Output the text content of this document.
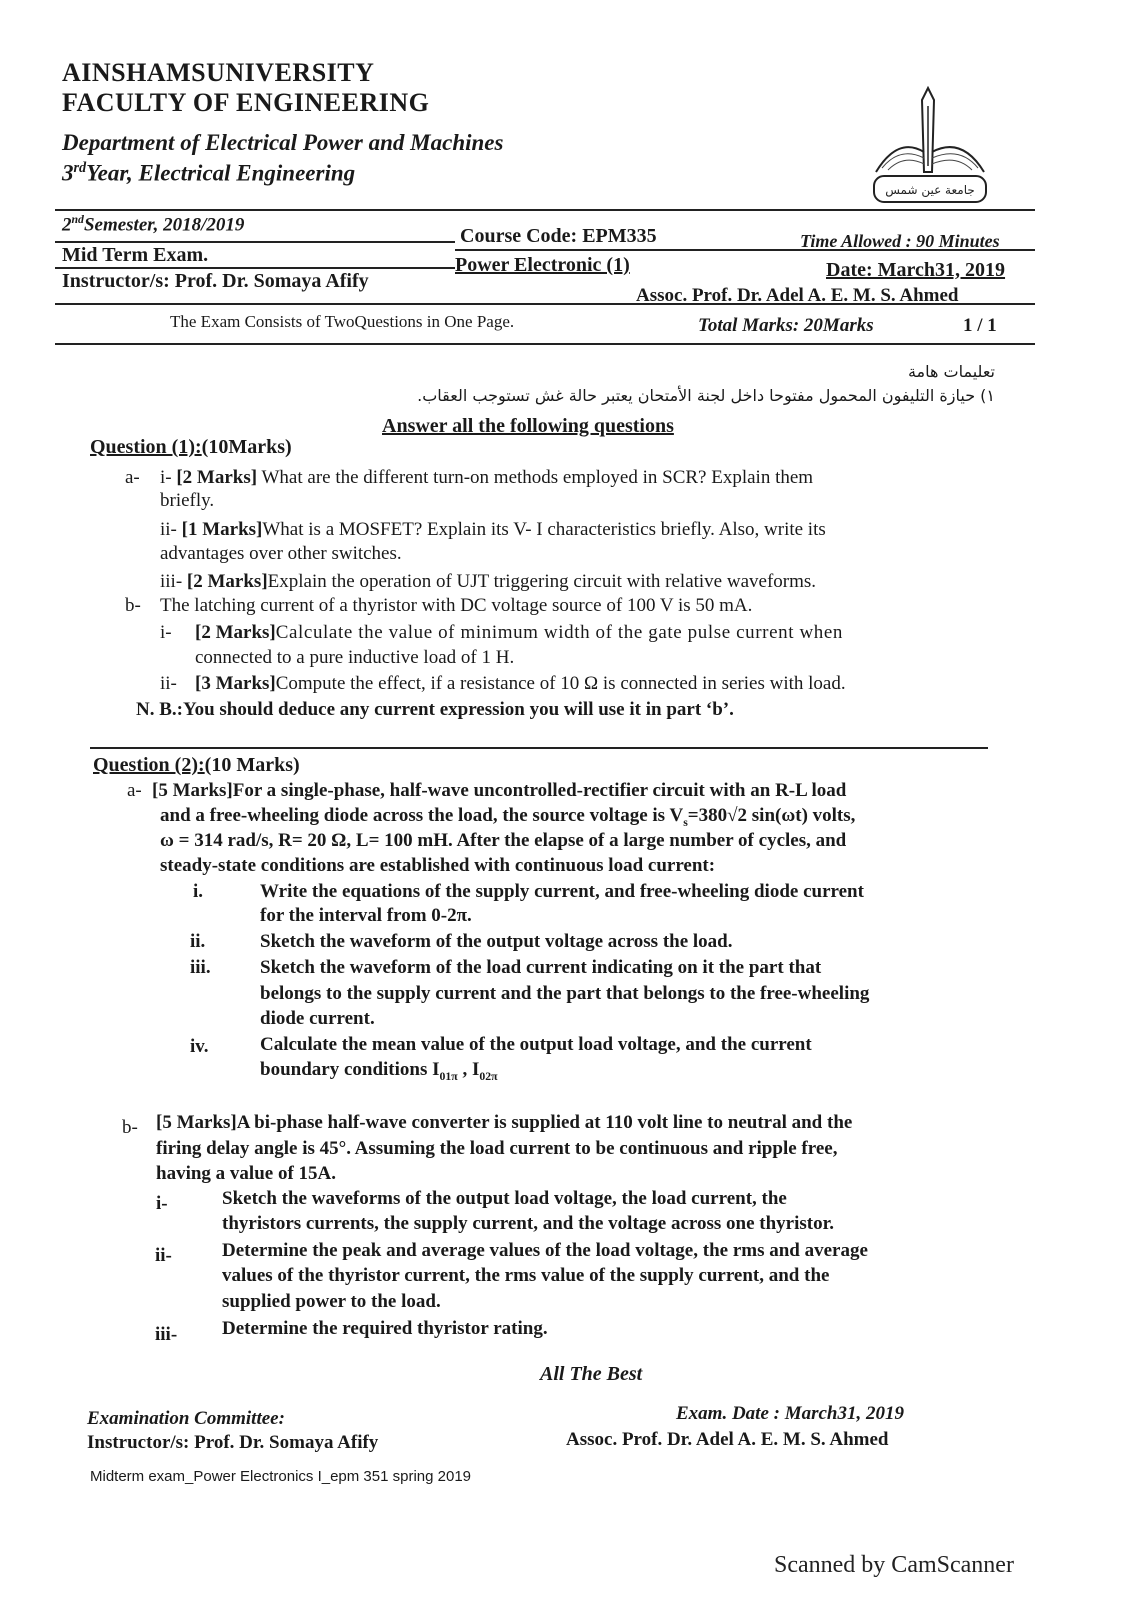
AINSHAMSUNIVERSITY
FACULTY OF ENGINEERING
Department of Electrical Power and Machines
3rdYear, Electrical Engineering
جامعة عين شمس
2ndSemester, 2018/2019
Course Code: EPM335	Time Allowed : 90 Minutes
Mid Term Exam.	Power Electronic (1)	Date: March31, 2019
Instructor/s: Prof. Dr. Somaya Afify
Assoc. Prof. Dr. Adel A. E. M. S. Ahmed
The Exam Consists of TwoQuestions in One Page.	Total Marks: 20Marks	1 / 1
تعليمات هامة
١) حيازة التليفون المحمول مفتوحا داخل لجنة الأمتحان يعتبر حالة غش تستوجب العقاب.
Answer all the following questions
Question (1):(10Marks)
a- i- [2 Marks] What are the different turn-on methods employed in SCR? Explain them
briefly.
ii- [1 Marks]What is a MOSFET? Explain its V- I characteristics briefly. Also, write its
advantages over other switches.
iii- [2 Marks]Explain the operation of UJT triggering circuit with relative waveforms.
b- The latching current of a thyristor with DC voltage source of 100 V is 50 mA.
i- [2 Marks]Calculate the value of minimum width of the gate pulse current when
connected to a pure inductive load of 1 H.
ii- [3 Marks]Compute the effect, if a resistance of 10 Ω is connected in series with load.
N. B.:You should deduce any current expression you will use it in part ‘b’.
Question (2):(10 Marks)
a- [5 Marks]For a single-phase, half-wave uncontrolled-rectifier circuit with an R-L load
and a free-wheeling diode across the load, the source voltage is $V_s=380√2$ sin(ωt) volts,
ω = 314 rad/s, R= 20 Ω, L= 100 mH. After the elapse of a large number of cycles, and
steady-state conditions are established with continuous load current:
i.	Write the equations of the supply current, and free-wheeling diode current
for the interval from 0-2π.
ii.	Sketch the waveform of the output voltage across the load.
iii.	Sketch the waveform of the load current indicating on it the part that
belongs to the supply current and the part that belongs to the free-wheeling
diode current.
iv.	Calculate the mean value of the output load voltage, and the current
boundary conditions $I_{01\pi}$ , $I_{02\pi}$
b- [5 Marks]A bi-phase half-wave converter is supplied at 110 volt line to neutral and the
firing delay angle is 45°. Assuming the load current to be continuous and ripple free,
having a value of 15A.
i-	Sketch the waveforms of the output load voltage, the load current, the
thyristors currents, the supply current, and the voltage across one thyristor.
ii-	Determine the peak and average values of the load voltage, the rms and average
values of the thyristor current, the rms value of the supply current, and the
supplied power to the load.
iii- Determine the required thyristor rating.
All The Best
Examination Committee:
Instructor/s: Prof. Dr. Somaya Afify
Exam. Date : March31, 2019
Assoc. Prof. Dr. Adel A. E. M. S. Ahmed
Midterm exam_Power Electronics I_epm 351 spring 2019
Scanned by CamScanner
